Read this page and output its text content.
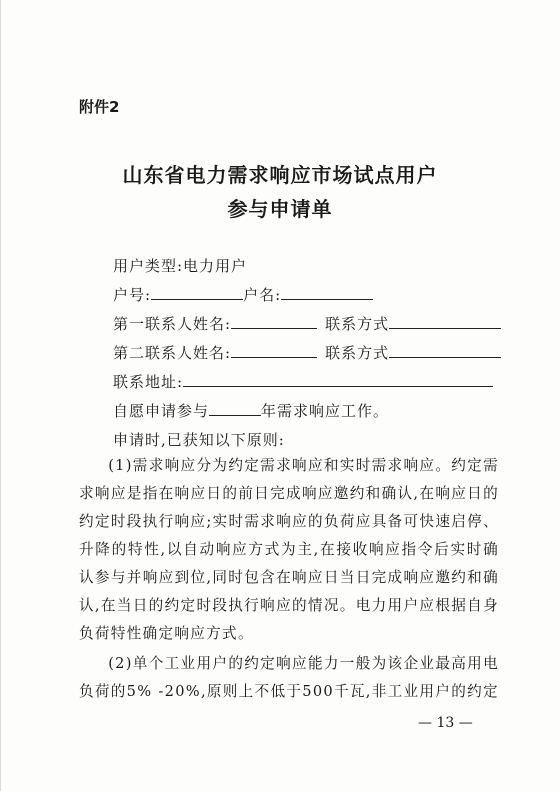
附件2
山东省电力需求响应市场试点用户
参与申请单
用户类型:电力用户
户号:	户名:
第一联系人姓名:	联系方式
第二联系人姓名:	联系方式
联系地址:
自愿申请参与	年需求响应工作。
申请时,已获知以下原则:
(1)需求响应分为约定需求响应和实时需求响应。约定需求响应是指在响应日的前日完成响应邀约和确认,在响应日的约定时段执行响应;实时需求响应的负荷应具备可快速启停、升降的特性,以自动响应方式为主,在接收响应指令后实时确认参与并响应到位,同时包含在响应日当日完成响应邀约和确认,在当日的约定时段执行响应的情况。电力用户应根据自身负荷特性确定响应方式。
(2)单个工业用户的约定响应能力一般为该企业最高用电负荷的5% -20%,原则上不低于500千瓦,非工业用户的约定
— 13 —
